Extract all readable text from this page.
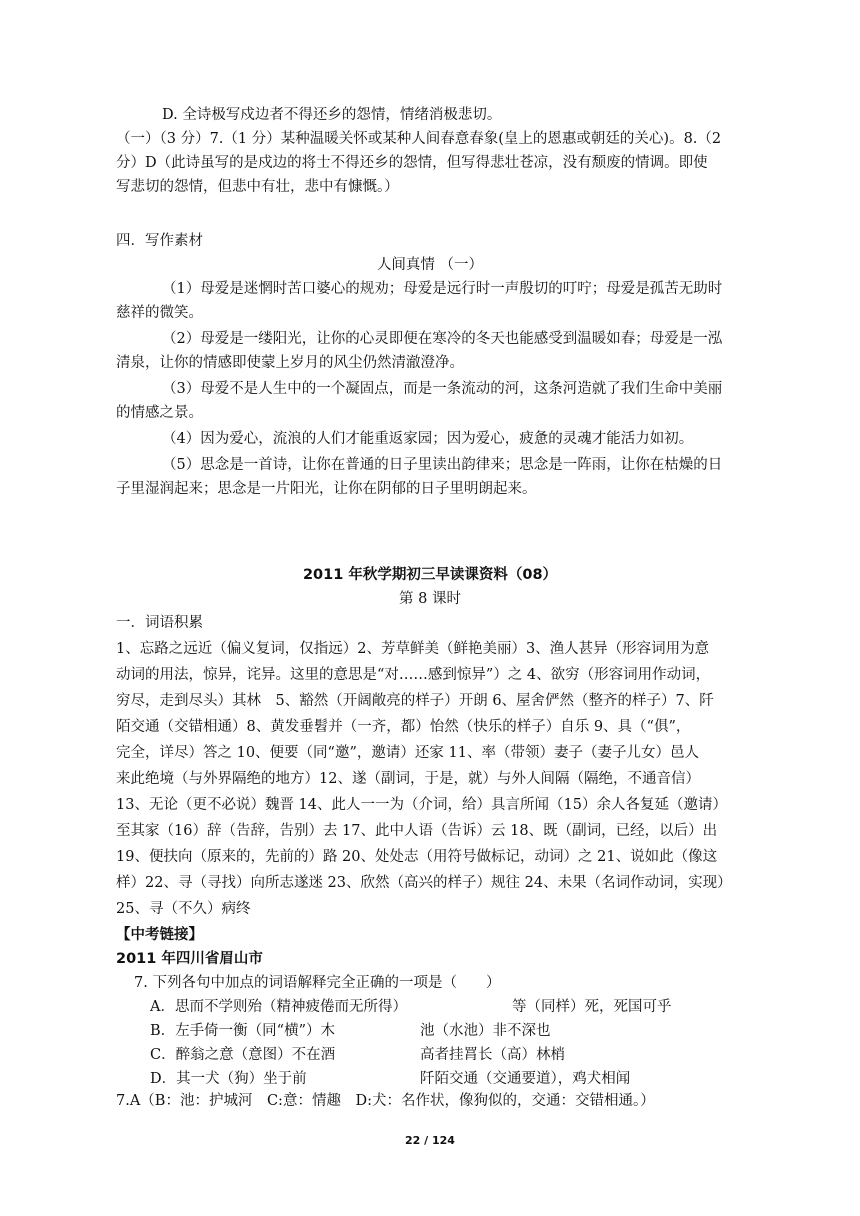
D. 全诗极写戍边者不得还乡的怨情，情绪消极悲切。
（一）（3 分）7.（1 分）某种温暖关怀或某种人间春意春象(皇上的恩惠或朝廷的关心)。8.（2
分）D（此诗虽写的是戍边的将士不得还乡的怨情，但写得悲壮苍凉，没有颓废的情调。即使
写悲切的怨情，但悲中有壮，悲中有慷慨。）
四．写作素材
人间真情 （一）
（1）母爱是迷惘时苦口婆心的规劝；母爱是远行时一声殷切的叮咛；母爱是孤苦无助时
慈祥的微笑。
（2）母爱是一缕阳光，让你的心灵即便在寒冷的冬天也能感受到温暖如春；母爱是一泓
清泉，让你的情感即使蒙上岁月的风尘仍然清澈澄净。
（3）母爱不是人生中的一个凝固点，而是一条流动的河，这条河造就了我们生命中美丽
的情感之景。
（4）因为爱心，流浪的人们才能重返家园；因为爱心，疲惫的灵魂才能活力如初。
（5）思念是一首诗，让你在普通的日子里读出韵律来；思念是一阵雨，让你在枯燥的日
子里湿润起来；思念是一片阳光，让你在阴郁的日子里明朗起来。
2011 年秋学期初三早读课资料（08）
第 8 课时
一．词语积累
1、忘路之远近（偏义复词，仅指远）2、芳草鲜美（鲜艳美丽）3、渔人甚异（形容词用为意
动词的用法，惊异，诧异。这里的意思是“对……感到惊异”）之 4、欲穷（形容词用作动词，
穷尽，走到尽头）其林　5、豁然（开阔敞亮的样子）开朗 6、屋舍俨然（整齐的样子）7、阡
陌交通（交错相通）8、黄发垂髫并（一齐，都）怡然（快乐的样子）自乐 9、具（“俱”，
完全，详尽）答之 10、便要（同“邀”，邀请）还家 11、率（带领）妻子（妻子儿女）邑人
来此绝境（与外界隔绝的地方）12、遂（副词，于是，就）与外人间隔（隔绝，不通音信）
13、无论（更不必说）魏晋 14、此人一一为（介词，给）具言所闻（15）余人各复延（邀请）
至其家（16）辞（告辞，告别）去 17、此中人语（告诉）云 18、既（副词，已经，以后）出
19、便扶向（原来的，先前的）路 20、处处志（用符号做标记，动词）之 21、说如此（像这
样）22、寻（寻找）向所志遂迷 23、欣然（高兴的样子）规往 24、未果（名词作动词，实现）
25、寻（不久）病终
【中考链接】
2011 年四川省眉山市
7. 下列各句中加点的词语解释完全正确的一项是（　　）
A．思而不学则殆（精神疲倦而无所得）	等（同样）死，死国可乎
B．左手倚一衡（同“横”）木	池（水池）非不深也
C．醉翁之意（意图）不在酒	高者挂罥长（高）林梢
D．其一犬（狗）坐于前	阡陌交通（交通要道），鸡犬相闻
7.A（B：池：护城河　C:意：情趣　D:犬：名作状，像狗似的，交通：交错相通。）
22 / 124
